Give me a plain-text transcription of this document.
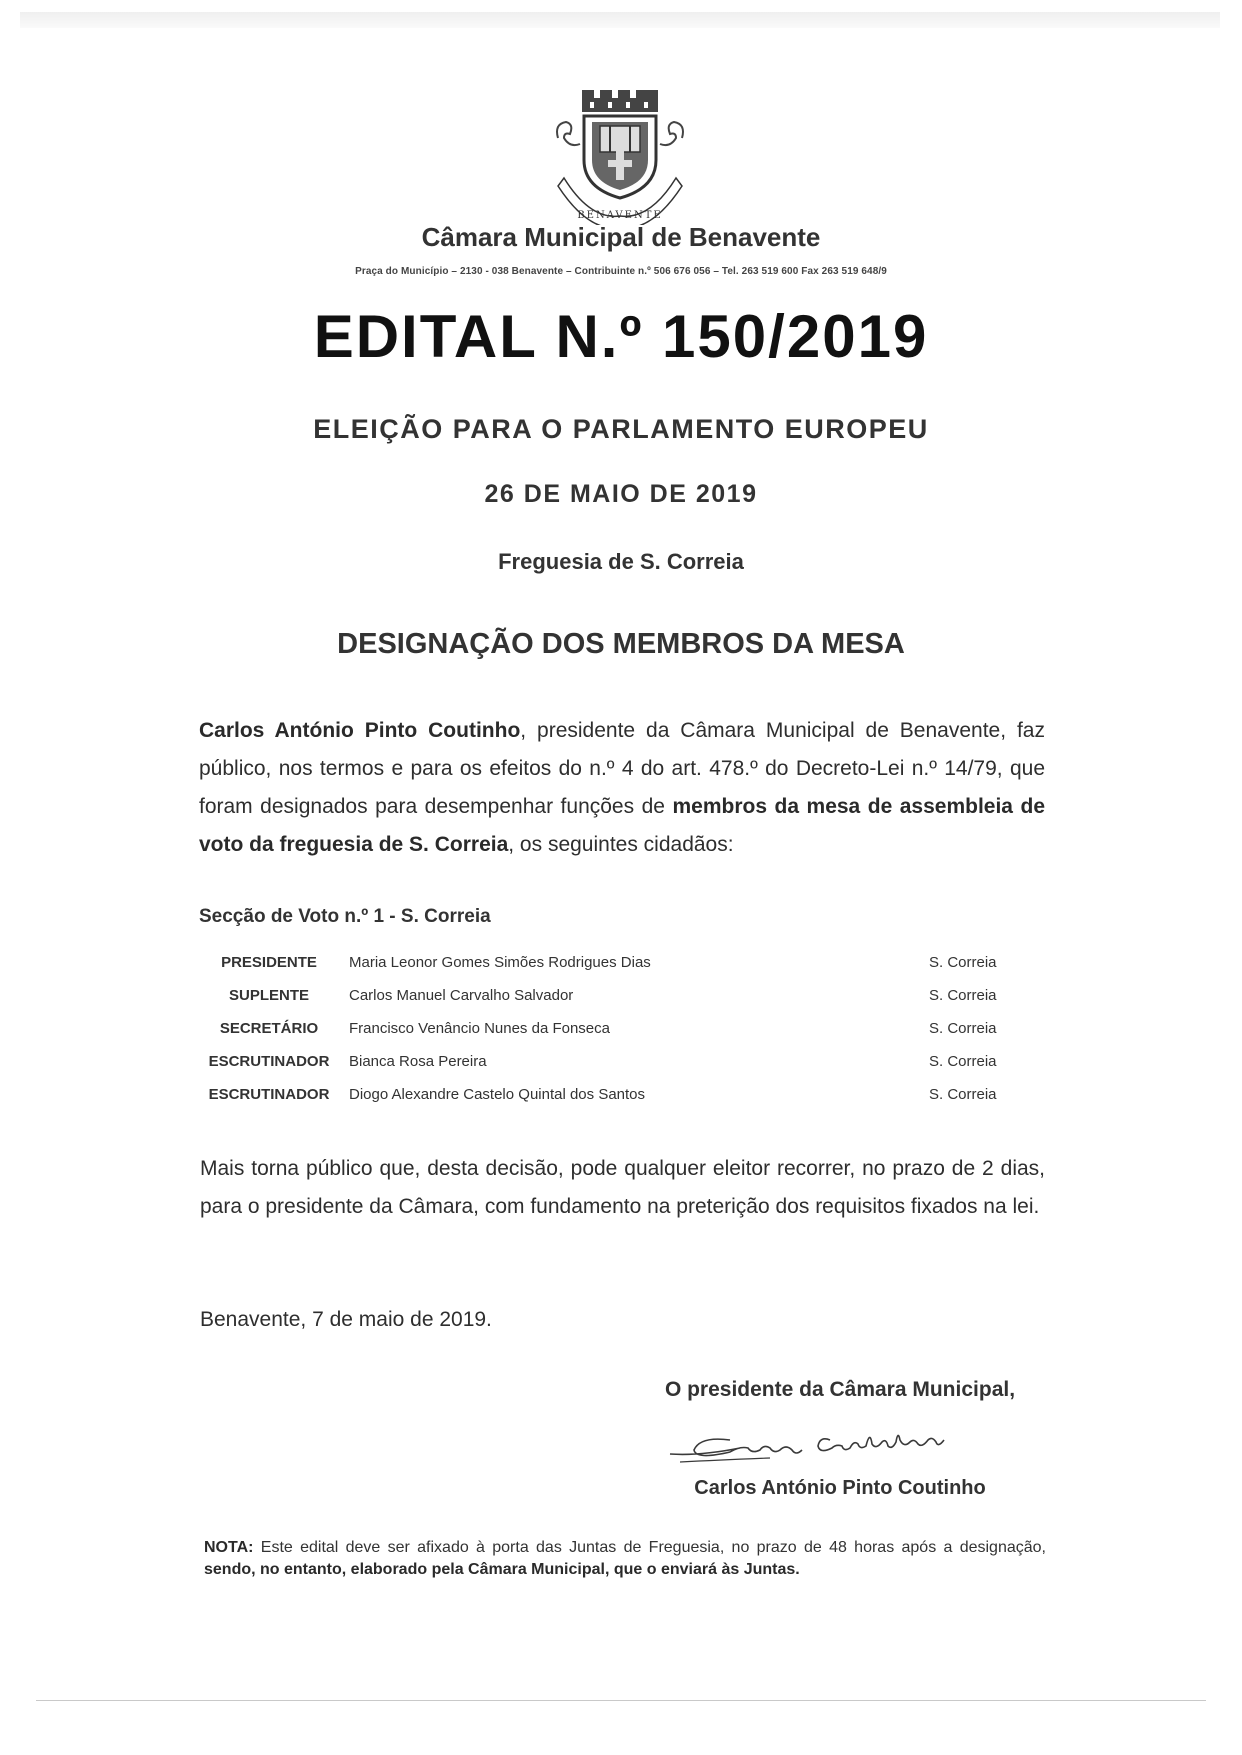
BENAVENTE
Câmara Municipal de Benavente
Praça do Município – 2130 - 038 Benavente – Contribuinte n.º 506 676 056 – Tel. 263 519 600 Fax 263 519 648/9
EDITAL N.º 150/2019
ELEIÇÃO PARA O PARLAMENTO EUROPEU
26 DE MAIO DE 2019
Freguesia de S. Correia
DESIGNAÇÃO DOS MEMBROS DA MESA
Carlos António Pinto Coutinho, presidente da Câmara Municipal de Benavente, faz público, nos termos e para os efeitos do n.º 4 do art. 478.º do Decreto-Lei n.º 14/79, que foram designados para desempenhar funções de membros da mesa de assembleia de voto da freguesia de S. Correia, os seguintes cidadãos:
Secção de Voto n.º 1 - S. Correia
PRESIDENTE	Maria Leonor Gomes Simões Rodrigues Dias	S. Correia
SUPLENTE	Carlos Manuel Carvalho Salvador	S. Correia
SECRETÁRIO	Francisco Venâncio Nunes da Fonseca	S. Correia
ESCRUTINADOR	Bianca Rosa Pereira	S. Correia
ESCRUTINADOR	Diogo Alexandre Castelo Quintal dos Santos	S. Correia
Mais torna público que, desta decisão, pode qualquer eleitor recorrer, no prazo de 2 dias, para o presidente da Câmara, com fundamento na preterição dos requisitos fixados na lei.
Benavente, 7 de maio de 2019.
O presidente da Câmara Municipal,
Carlos António Pinto Coutinho
NOTA: Este edital deve ser afixado à porta das Juntas de Freguesia, no prazo de 48 horas após a designação, sendo, no entanto, elaborado pela Câmara Municipal, que o enviará às Juntas.
